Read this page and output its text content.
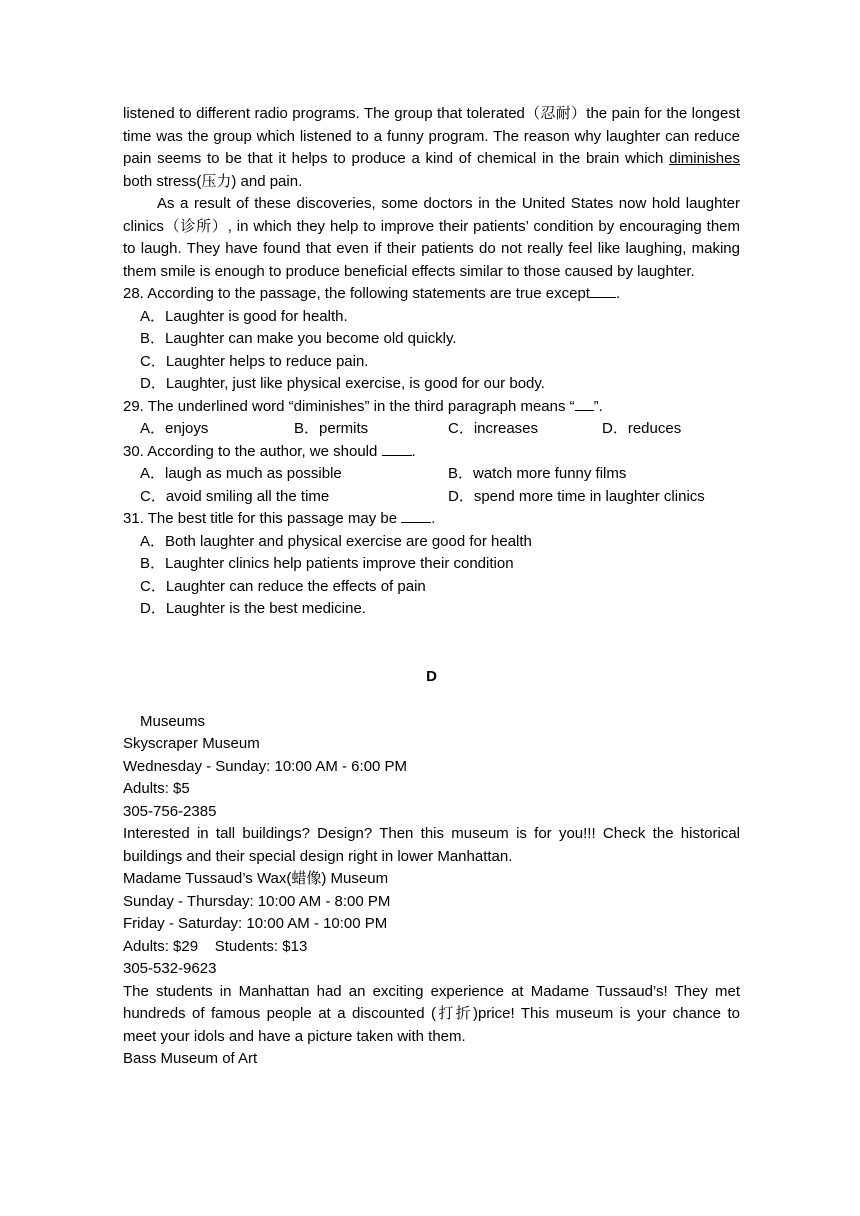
listened to different radio programs. The group that tolerated（忍耐）the pain for the longest time was the group which listened to a funny program. The reason why laughter can reduce pain seems to be that it helps to produce a kind of chemical in the brain which diminishes both stress(压力) and pain.

As a result of these discoveries, some doctors in the United States now hold laughter clinics（诊所）, in which they help to improve their patients’ condition by encouraging them to laugh. They have found that even if their patients do not really feel like laughing, making them smile is enough to produce beneficial effects similar to those caused by laughter.

28. According to the passage, the following statements are true except .

A．Laughter is good for health.

B．Laughter can make you become old quickly.

C．Laughter helps to reduce pain.

D．Laughter, just like physical exercise, is good for our body.

29. The underlined word “diminishes” in the third paragraph means “ ”.

A．enjoys	B．permits	C．increases	D．reduces

30. According to the author, we should .

A．laugh as much as possible	B．watch more funny films
C．avoid smiling all the time	D．spend more time in laughter clinics

31. The best title for this passage may be .

A．Both laughter and physical exercise are good for health

B．Laughter clinics help patients improve their condition

C．Laughter can reduce the effects of pain

D．Laughter is the best medicine.

D

Museums

Skyscraper Museum

Wednesday - Sunday: 10:00 AM - 6:00 PM

Adults: $5

305-756-2385

Interested in tall buildings? Design? Then this museum is for you!!! Check the historical buildings and their special design right in lower Manhattan.

Madame Tussaud’s Wax(蜡像) Museum

Sunday - Thursday: 10:00 AM - 8:00 PM

Friday - Saturday: 10:00 AM - 10:00 PM

Adults: $29    Students: $13

305-532-9623

The students in Manhattan had an exciting experience at Madame Tussaud’s! They met hundreds of famous people at a discounted (打折)price! This museum is your chance to meet your idols and have a picture taken with them.

Bass Museum of Art
